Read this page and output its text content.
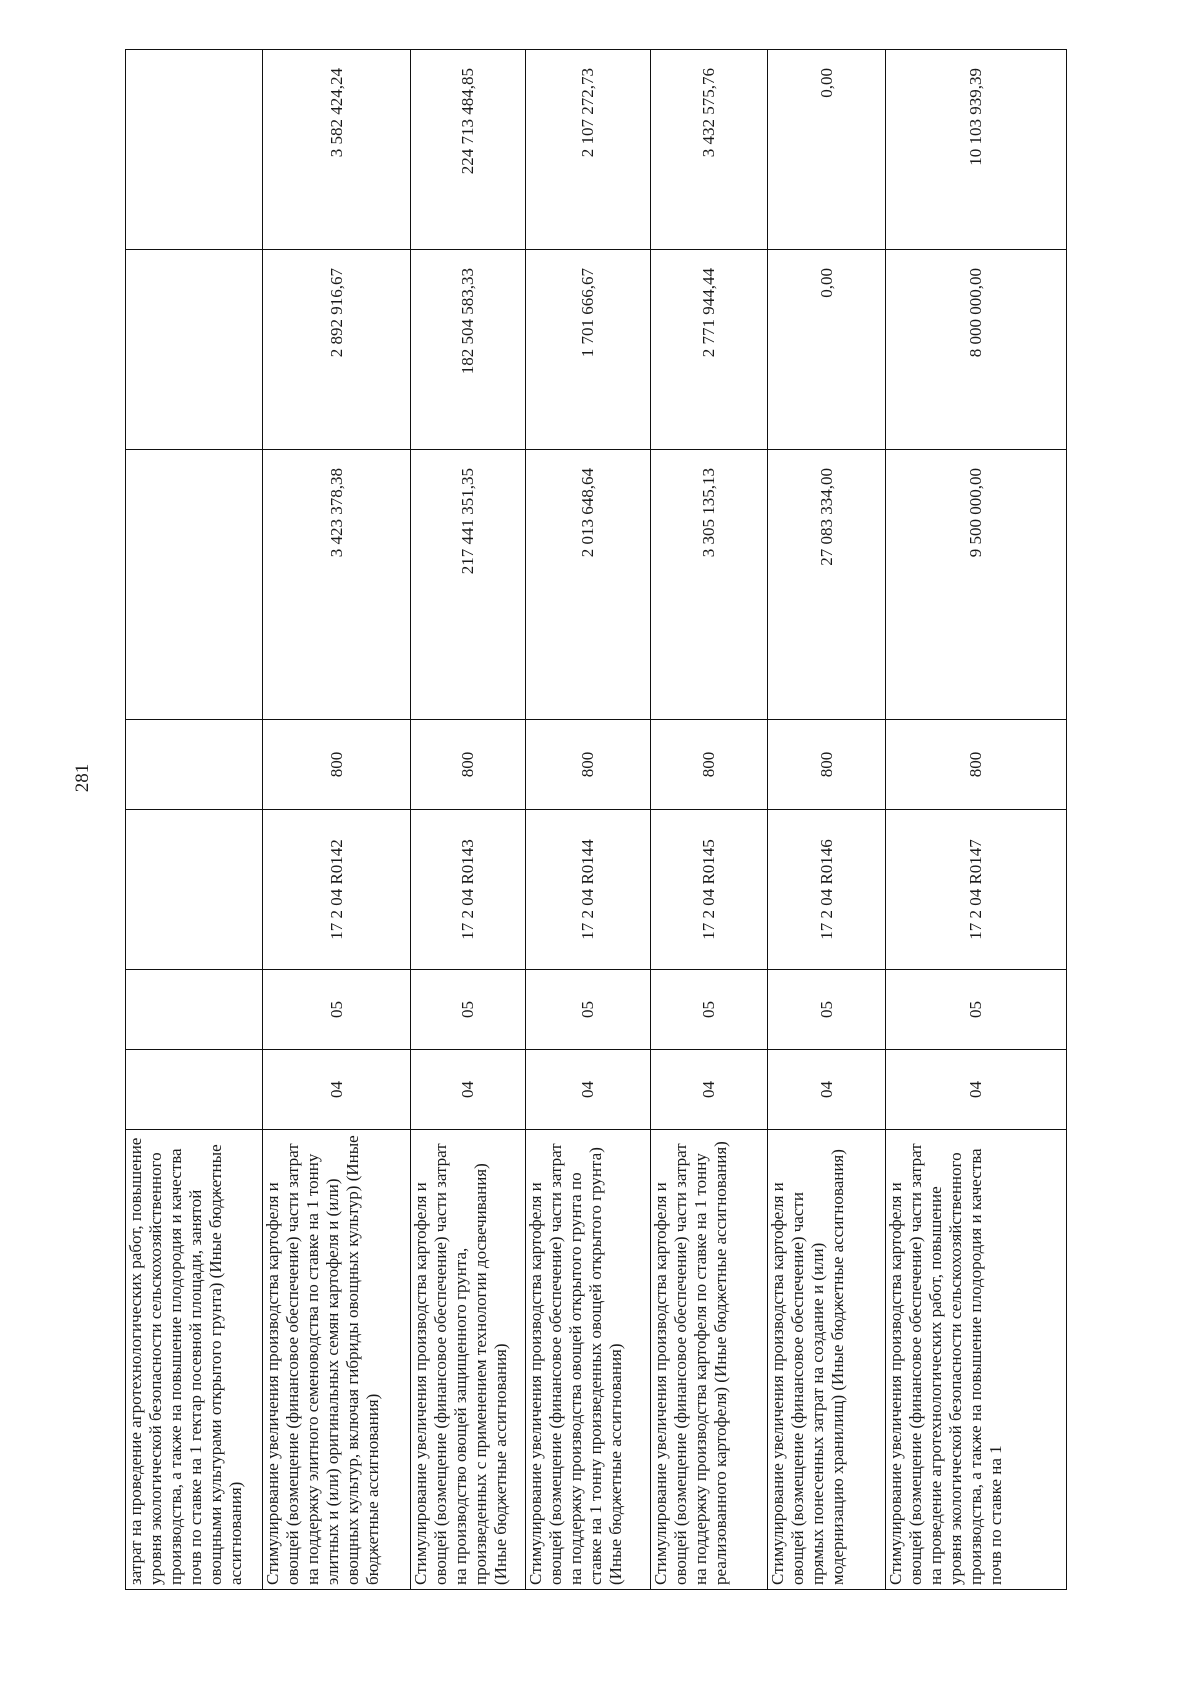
281
затрат на проведение агротехнологических работ, повышение уровня экологической безопасности сельскохозяйственного производства, а также на повышение плодородия и качества почв по ставке на 1 гектар посевной площади, занятой овощными культурами открытого грунта) (Иные бюджетные ассигнования)							
Стимулирование увеличения производства картофеля и овощей (возмещение (финансовое обеспечение) части затрат на поддержку элитного семеноводства по ставке на 1 тонну элитных и (или) оригинальных семян картофеля и (или) овощных культур, включая гибриды овощных культур) (Иные бюджетные ассигнования)	04	05	17 2 04 R0142	800	3 423 378,38	2 892 916,67	3 582 424,24
Стимулирование увеличения производства картофеля и овощей (возмещение (финансовое обеспечение) части затрат на производство овощей защищенного грунта, произведенных с применением технологии досвечивания) (Иные бюджетные ассигнования)	04	05	17 2 04 R0143	800	217 441 351,35	182 504 583,33	224 713 484,85
Стимулирование увеличения производства картофеля и овощей (возмещение (финансовое обеспечение) части затрат на поддержку производства овощей открытого грунта по ставке на 1 тонну произведенных овощей открытого грунта) (Иные бюджетные ассигнования)	04	05	17 2 04 R0144	800	2 013 648,64	1 701 666,67	2 107 272,73
Стимулирование увеличения производства картофеля и овощей (возмещение (финансовое обеспечение) части затрат на поддержку производства картофеля по ставке на 1 тонну реализованного картофеля) (Иные бюджетные ассигнования)	04	05	17 2 04 R0145	800	3 305 135,13	2 771 944,44	3 432 575,76
Стимулирование увеличения производства картофеля и овощей (возмещение (финансовое обеспечение) части прямых понесенных затрат на создание и (или) модернизацию хранилищ) (Иные бюджетные ассигнования)	04	05	17 2 04 R0146	800	27 083 334,00	0,00	0,00
Стимулирование увеличения производства картофеля и овощей (возмещение (финансовое обеспечение) части затрат на проведение агротехнологических работ, повышение уровня экологической безопасности сельскохозяйственного производства, а также на повышение плодородия и качества почв по ставке на 1	04	05	17 2 04 R0147	800	9 500 000,00	8 000 000,00	10 103 939,39
